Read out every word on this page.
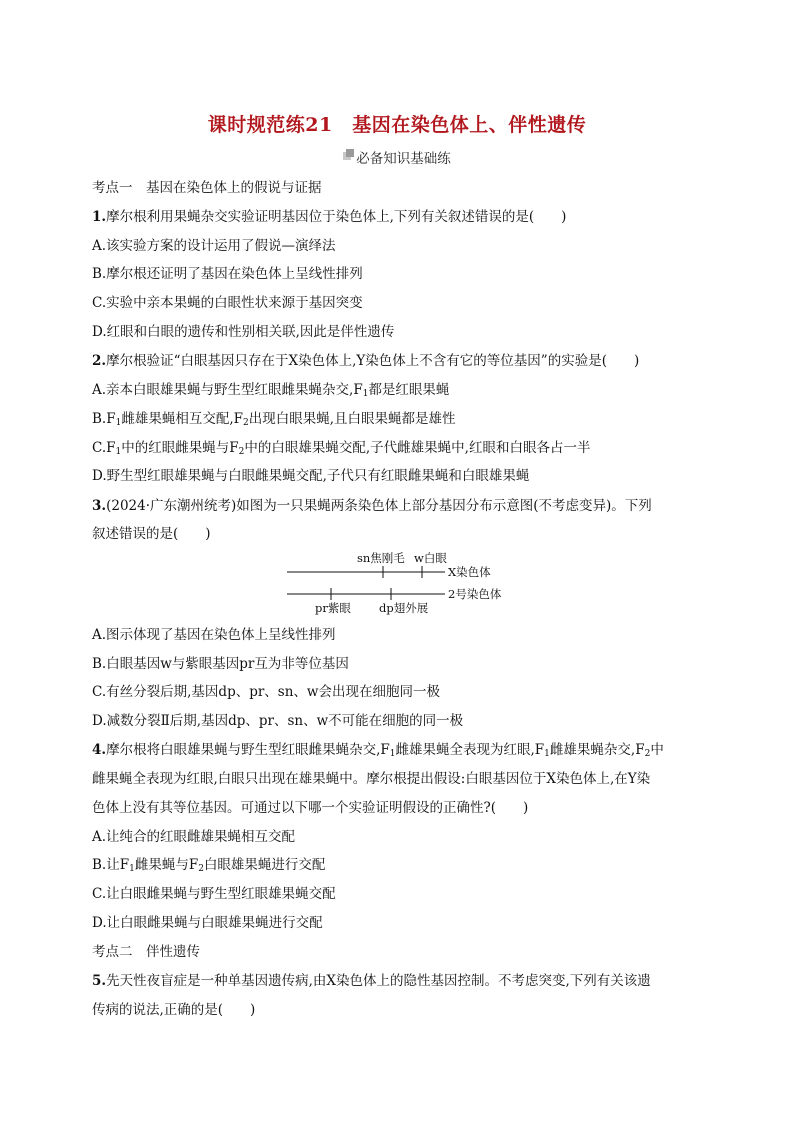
课时规范练21　基因在染色体上、伴性遗传
必备知识基础练
考点一　基因在染色体上的假说与证据
1.摩尔根利用果蝇杂交实验证明基因位于染色体上,下列有关叙述错误的是(　　)
A.该实验方案的设计运用了假说—演绎法
B.摩尔根还证明了基因在染色体上呈线性排列
C.实验中亲本果蝇的白眼性状来源于基因突变
D.红眼和白眼的遗传和性别相关联,因此是伴性遗传
2.摩尔根验证“白眼基因只存在于X染色体上,Y染色体上不含有它的等位基因”的实验是(　　)
A.亲本白眼雄果蝇与野生型红眼雌果蝇杂交$,F_1$都是红眼果蝇
$B.F_1$雌雄果蝇相互交配$,F_2$出现白眼果蝇,且白眼果蝇都是雄性
$C.F_1$中的红眼雌果蝇与$F_2$中的白眼雄果蝇交配,子代雌雄果蝇中,红眼和白眼各占一半
D.野生型红眼雄果蝇与白眼雌果蝇交配,子代只有红眼雌果蝇和白眼雄果蝇
3.(2024·广东潮州统考)如图为一只果蝇两条染色体上部分基因分布示意图(不考虑变异)。下列
叙述错误的是(　　)
sn焦刚毛 w白眼
X染色体
pr紫眼 dp翅外展
2号染色体
A.图示体现了基因在染色体上呈线性排列
B.白眼基因w与紫眼基因pr互为非等位基因
C.有丝分裂后期,基因dp、pr、sn、w会出现在细胞同一极
D.减数分裂Ⅱ后期,基因dp、pr、sn、w不可能在细胞的同一极
4.摩尔根将白眼雄果蝇与野生型红眼雌果蝇杂交$,F_1$雌雄果蝇全表现为红眼$,F_1$雌雄果蝇杂交$,F_2$中
雌果蝇全表现为红眼,白眼只出现在雄果蝇中。摩尔根提出假设:白眼基因位于X染色体上,在Y染
色体上没有其等位基因。可通过以下哪一个实验证明假设的正确性?(　　)
A.让纯合的红眼雌雄果蝇相互交配
B.让$F_1$雌果蝇与$F_2$白眼雄果蝇进行交配
C.让白眼雌果蝇与野生型红眼雄果蝇交配
D.让白眼雌果蝇与白眼雄果蝇进行交配
考点二　伴性遗传
5.先天性夜盲症是一种单基因遗传病,由X染色体上的隐性基因控制。不考虑突变,下列有关该遗
传病的说法,正确的是(　　)
